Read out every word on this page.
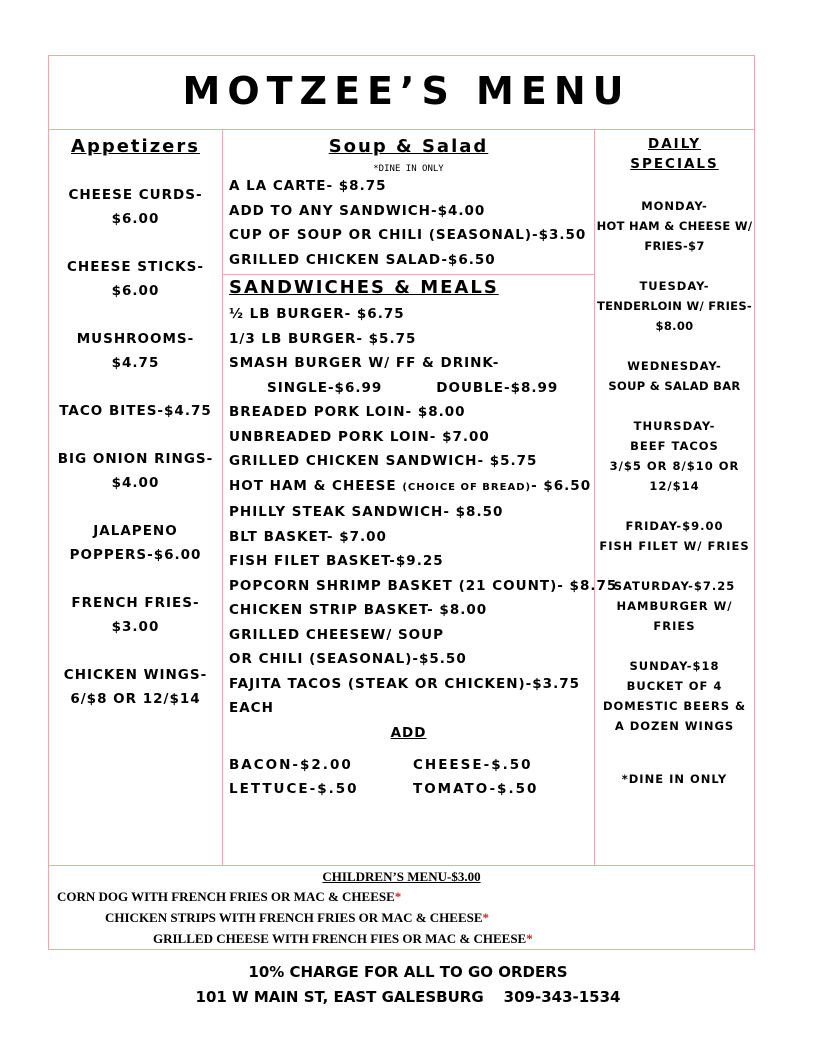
MOTZEE’S MENU
Appetizers
CHEESE CURDS-
$6.00
CHEESE STICKS-
$6.00
MUSHROOMS-
$4.75
TACO BITES-$4.75
BIG ONION RINGS-
$4.00
JALAPENO
POPPERS-$6.00
FRENCH FRIES-
$3.00
CHICKEN WINGS-
6/$8 OR 12/$14
Soup & Salad
*DINE IN ONLY
A LA CARTE- $8.75
ADD TO ANY SANDWICH-$4.00
CUP OF SOUP OR CHILI (SEASONAL)-$3.50
GRILLED CHICKEN SALAD-$6.50
SANDWICHES & MEALS
½ LB BURGER- $6.75
1/3 LB BURGER- $5.75
SMASH BURGER W/ FF & DRINK-
SINGLE-$6.99	DOUBLE-$8.99
BREADED PORK LOIN- $8.00
UNBREADED PORK LOIN- $7.00
GRILLED CHICKEN SANDWICH- $5.75
HOT HAM & CHEESE (CHOICE OF BREAD)- $6.50
PHILLY STEAK SANDWICH- $8.50
BLT BASKET- $7.00
FISH FILET BASKET-$9.25
POPCORN SHRIMP BASKET (21 COUNT)- $8.75
CHICKEN STRIP BASKET- $8.00
GRILLED CHEESEW/ SOUP
OR CHILI (SEASONAL)-$5.50
FAJITA TACOS (STEAK OR CHICKEN)-$3.75
EACH
ADD
BACON-$2.00	CHEESE-$.50
LETTUCE-$.50	TOMATO-$.50
DAILY
SPECIALS
MONDAY-
HOT HAM & CHEESE W/
FRIES-$7
TUESDAY-
TENDERLOIN W/ FRIES-
$8.00
WEDNESDAY-
SOUP & SALAD BAR
THURSDAY-
BEEF TACOS
3/$5 OR 8/$10 OR
12/$14
FRIDAY-$9.00
FISH FILET W/ FRIES
SATURDAY-$7.25
HAMBURGER W/
FRIES
SUNDAY-$18
BUCKET OF 4
DOMESTIC BEERS &
A DOZEN WINGS
*DINE IN ONLY
CHILDREN’S MENU-$3.00
CORN DOG WITH FRENCH FRIES OR MAC & CHEESE*
CHICKEN STRIPS WITH FRENCH FRIES OR MAC & CHEESE*
GRILLED CHEESE WITH FRENCH FIES OR MAC & CHEESE*
10% CHARGE FOR ALL TO GO ORDERS
101 W MAIN ST, EAST GALESBURG 309-343-1534
